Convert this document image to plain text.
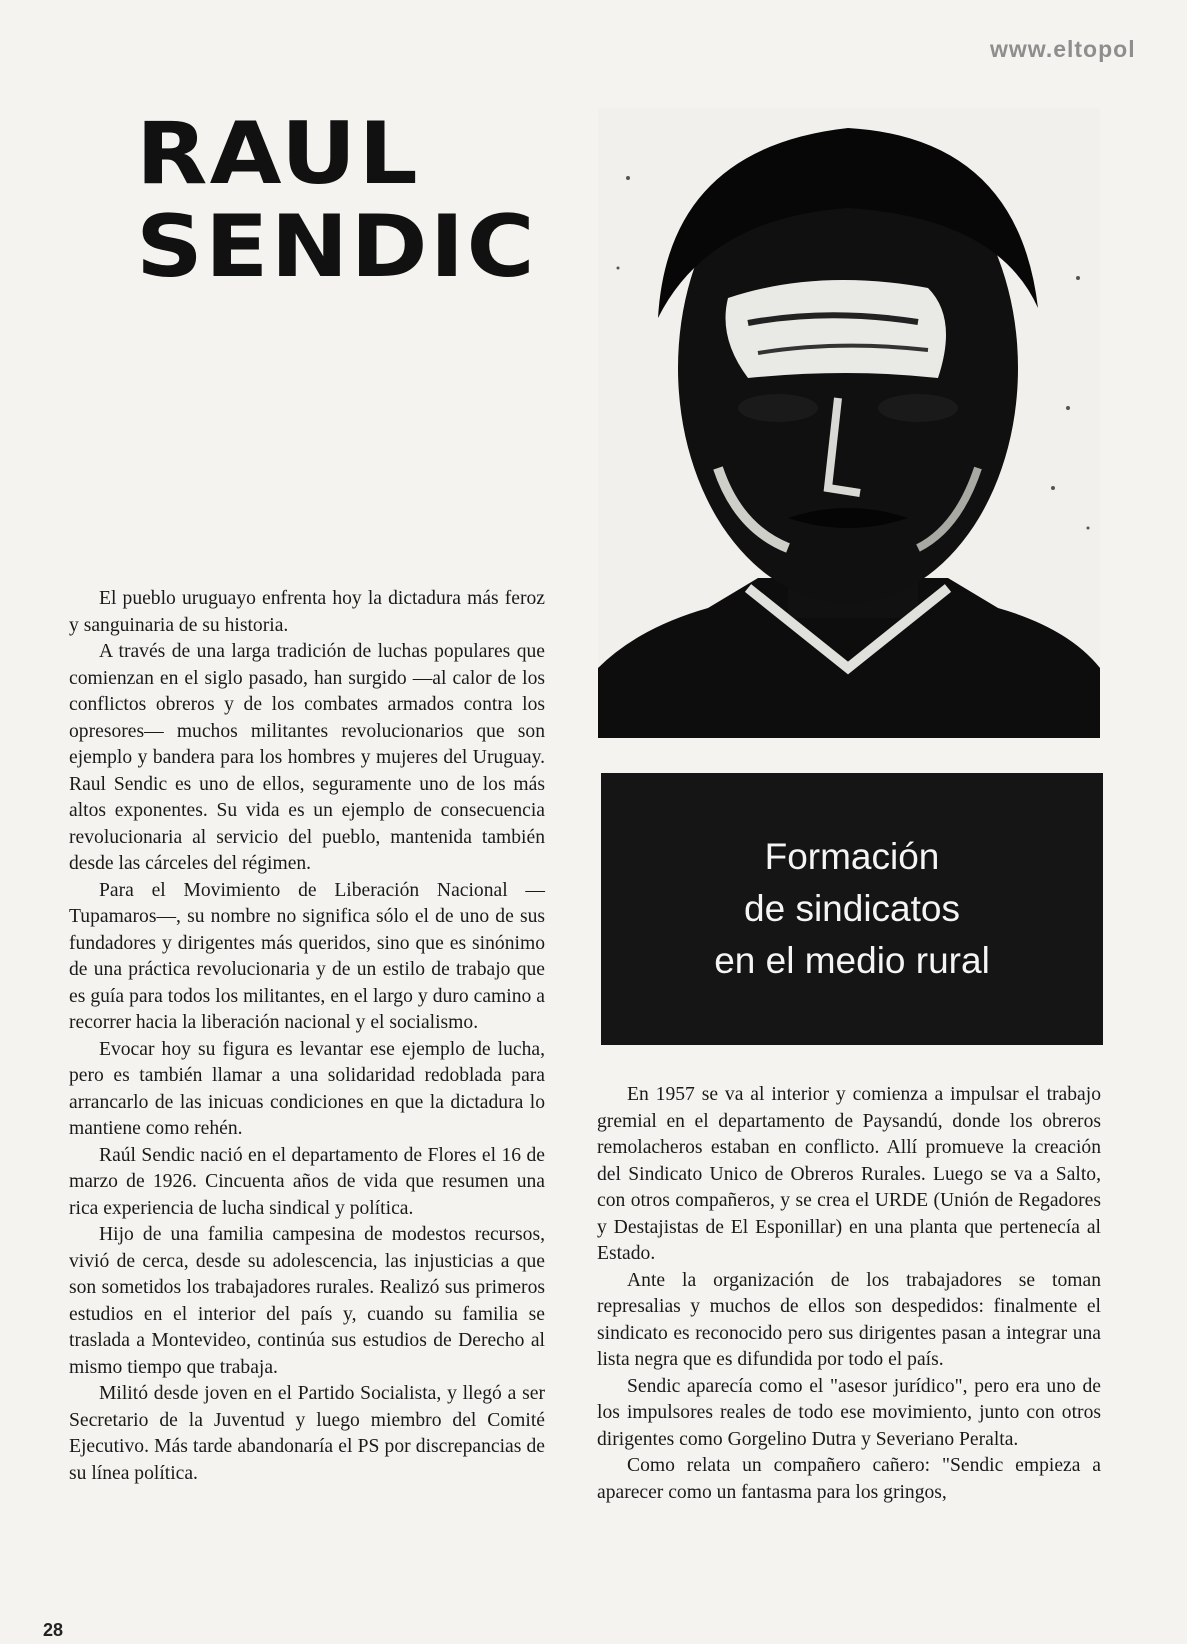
www.eltopol
RAUL
SENDIC
Formación
de sindicatos
en el medio rural

El pueblo uruguayo enfrenta hoy la dictadura más feroz y sanguinaria de su historia.

A través de una larga tradición de luchas populares que comienzan en el siglo pasado, han surgido —al calor de los conflictos obreros y de los combates armados contra los opresores— muchos militantes revolucionarios que son ejemplo y bandera para los hombres y mujeres del Uruguay. Raul Sendic es uno de ellos, seguramente uno de los más altos exponentes. Su vida es un ejemplo de consecuencia revolucionaria al servicio del pueblo, mantenida también desde las cárceles del régimen.

Para el Movimiento de Liberación Nacional —Tupamaros—, su nombre no significa sólo el de uno de sus fundadores y dirigentes más queridos, sino que es sinónimo de una práctica revolucionaria y de un estilo de trabajo que es guía para todos los militantes, en el largo y duro camino a recorrer hacia la liberación nacional y el socialismo.

Evocar hoy su figura es levantar ese ejemplo de lucha, pero es también llamar a una solidaridad redoblada para arrancarlo de las inicuas condiciones en que la dictadura lo mantiene como rehén.

Raúl Sendic nació en el departamento de Flores el 16 de marzo de 1926. Cincuenta años de vida que resumen una rica experiencia de lucha sindical y política.

Hijo de una familia campesina de modestos recursos, vivió de cerca, desde su adolescencia, las injusticias a que son sometidos los trabajadores rurales. Realizó sus primeros estudios en el interior del país y, cuando su familia se traslada a Montevideo, continúa sus estudios de Derecho al mismo tiempo que trabaja.

Militó desde joven en el Partido Socialista, y llegó a ser Secretario de la Juventud y luego miembro del Comité Ejecutivo. Más tarde abandonaría el PS por discrepancias de su línea política.

En 1957 se va al interior y comienza a impulsar el trabajo gremial en el departamento de Paysandú, donde los obreros remolacheros estaban en conflicto. Allí promueve la creación del Sindicato Unico de Obreros Rurales. Luego se va a Salto, con otros compañeros, y se crea el URDE (Unión de Regadores y Destajistas de El Esponillar) en una planta que pertenecía al Estado.

Ante la organización de los trabajadores se toman represalias y muchos de ellos son despedidos: finalmente el sindicato es reconocido pero sus dirigentes pasan a integrar una lista negra que es difundida por todo el país.

Sendic aparecía como el "asesor jurídico", pero era uno de los impulsores reales de todo ese movimiento, junto con otros dirigentes como Gorgelino Dutra y Severiano Peralta.

Como relata un compañero cañero: "Sendic empieza a aparecer como un fantasma para los gringos,

28
